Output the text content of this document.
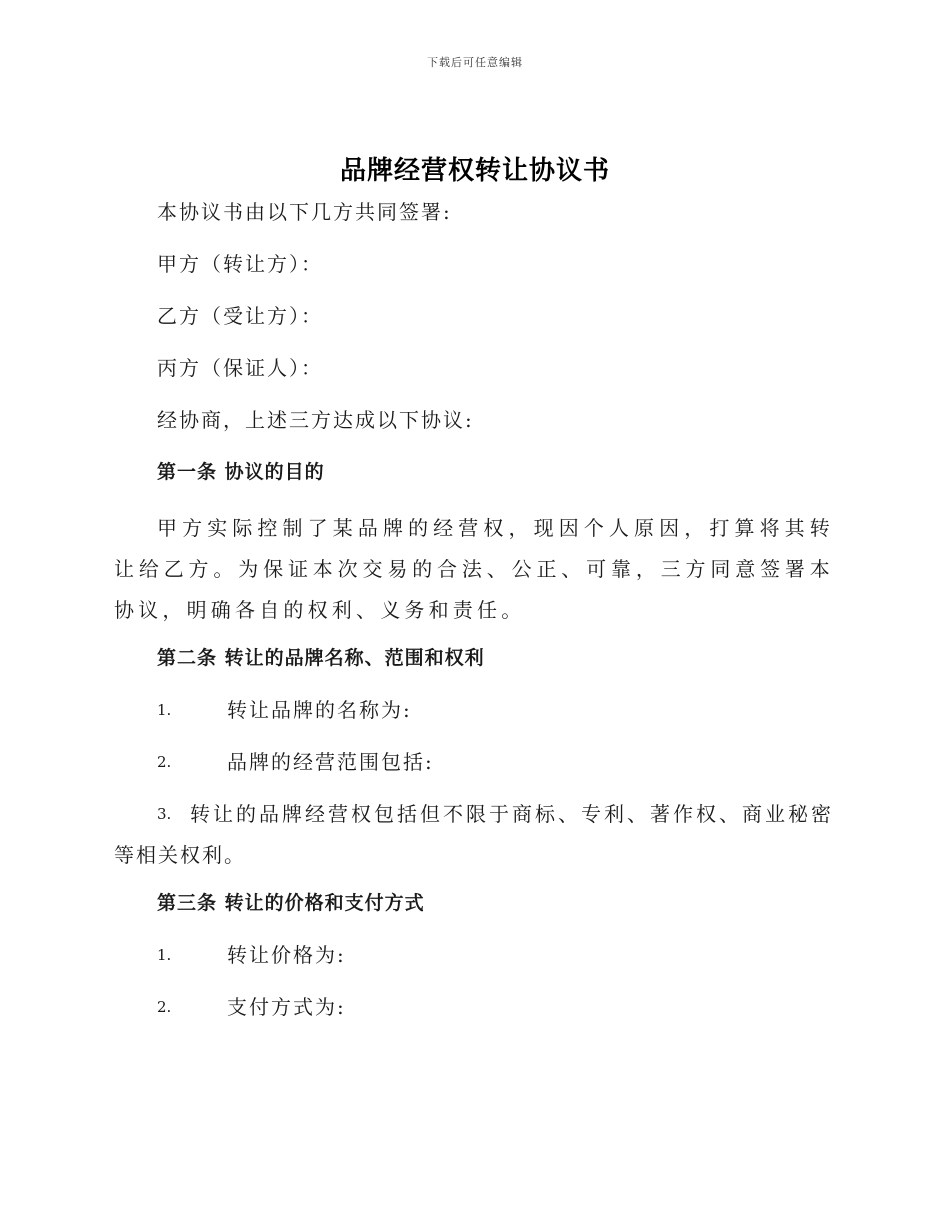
下载后可任意编辑
品牌经营权转让协议书
本协议书由以下几方共同签署:
甲方（转让方）：
乙方（受让方）：
丙方（保证人）：
经协商，上述三方达成以下协议:
第一条 协议的目的
甲方实际控制了某品牌的经营权，现因个人原因，打算将其转让给乙方。为保证本次交易的合法、公正、可靠，三方同意签署本协议，明确各自的权利、义务和责任。
第二条 转让的品牌名称、范围和权利
1.	转让品牌的名称为:
2.	品牌的经营范围包括:
3. 转让的品牌经营权包括但不限于商标、专利、著作权、商业秘密
等相关权利。
第三条 转让的价格和支付方式
1.	转让价格为:
2.	支付方式为:
